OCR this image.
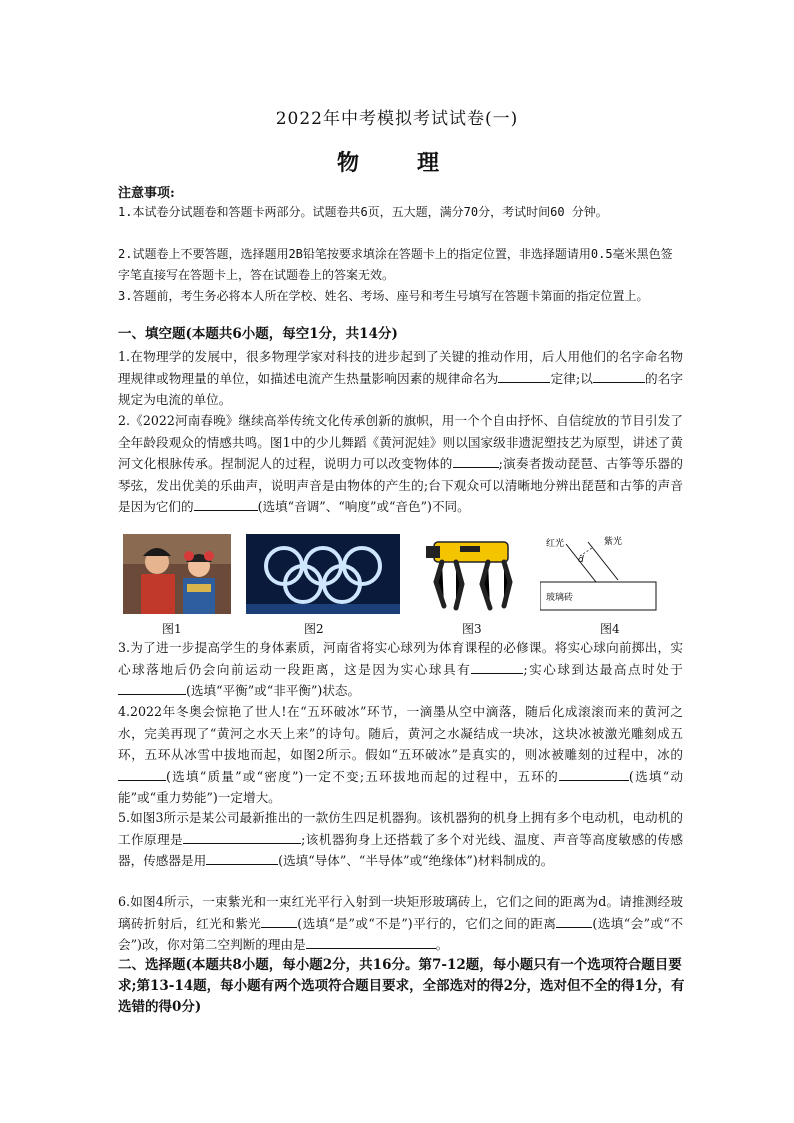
2022年中考模拟考试试卷(一)
物　理
注意事项:
1.本试卷分试题卷和答题卡两部分。试题卷共6页，五大题，满分70分，考试时间60 分钟。
2.试题卷上不要答题，选择题用2B铅笔按要求填涂在答题卡上的指定位置，非选择题请用0.5毫米黑色签字笔直接写在答题卡上，答在试题卷上的答案无效。
3.答题前，考生务必将本人所在学校、姓名、考场、座号和考生号填写在答题卡第面的指定位置上。
一、填空题(本题共6小题，每空1分，共14分)
1.在物理学的发展中，很多物理学家对科技的进步起到了关键的推动作用，后人用他们的名字命名物理规律或物理量的单位，如描述电流产生热量影响因素的规律命名为	定律;以	的名字规定为电流的单位。
2.《2022河南春晚》继续高举传统文化传承创新的旗帜，用一个个自由抒怀、自信绽放的节目引发了全年龄段观众的情感共鸣。图1中的少儿舞蹈《黄河泥娃》则以国家级非遗泥塑技艺为原型，讲述了黄河文化根脉传承。捏制泥人的过程，说明力可以改变物体的	;演奏者拨动琵琶、古筝等乐器的琴弦，发出优美的乐曲声，说明声音是由物体的产生的;台下观众可以清晰地分辨出琵琶和古筝的声音是因为它们的	(选填“音调”、“响度”或“音色”)不同。
红光	紫光
d
玻璃砖
图1	图2	图3	图4
3.为了进一步提高学生的身体素质，河南省将实心球列为体育课程的必修课。将实心球向前掷出，实心球落地后仍会向前运动一段距离，这是因为实心球具有	;实心球到达最高点时处于(选填“平衡”或“非平衡”)状态。
4.2022年冬奥会惊艳了世人!在“五环破冰”环节，一滴墨从空中滴落，随后化成滚滚而来的黄河之水，完美再现了“黄河之水天上来”的诗句。随后，黄河之水凝结成一块冰，这块冰被激光雕刻成五环，五环从冰雪中拔地而起，如图2所示。假如“五环破冰”是真实的，则冰被雕刻的过程中，冰的(选填“质量”或“密度”)一定不变;五环拔地而起的过程中，五环的	(选填“动能”或“重力势能”)一定增大。
5.如图3所示是某公司最新推出的一款仿生四足机器狗。该机器狗的机身上拥有多个电动机，电动机的工作原理是	;该机器狗身上还搭载了多个对光线、温度、声音等高度敏感的传感器，传感器是用	(选填“导体”、“半导体”或“绝缘体”)材料制成的。
6.如图4所示，一束紫光和一束红光平行入射到一块矩形玻璃砖上，它们之间的距离为d。请推测经玻璃砖折射后，红光和紫光	(选填“是”或“不是”)平行的，它们之间的距离	(选填“会”或“不会”)改，你对第二空判断的理由是	。
二、选择题(本题共8小题，每小题2分，共16分。第7-12题，每小题只有一个选项符合题目要求;第13-14题，每小题有两个选项符合题目要求，全部选对的得2分，选对但不全的得1分，有选错的得0分)
